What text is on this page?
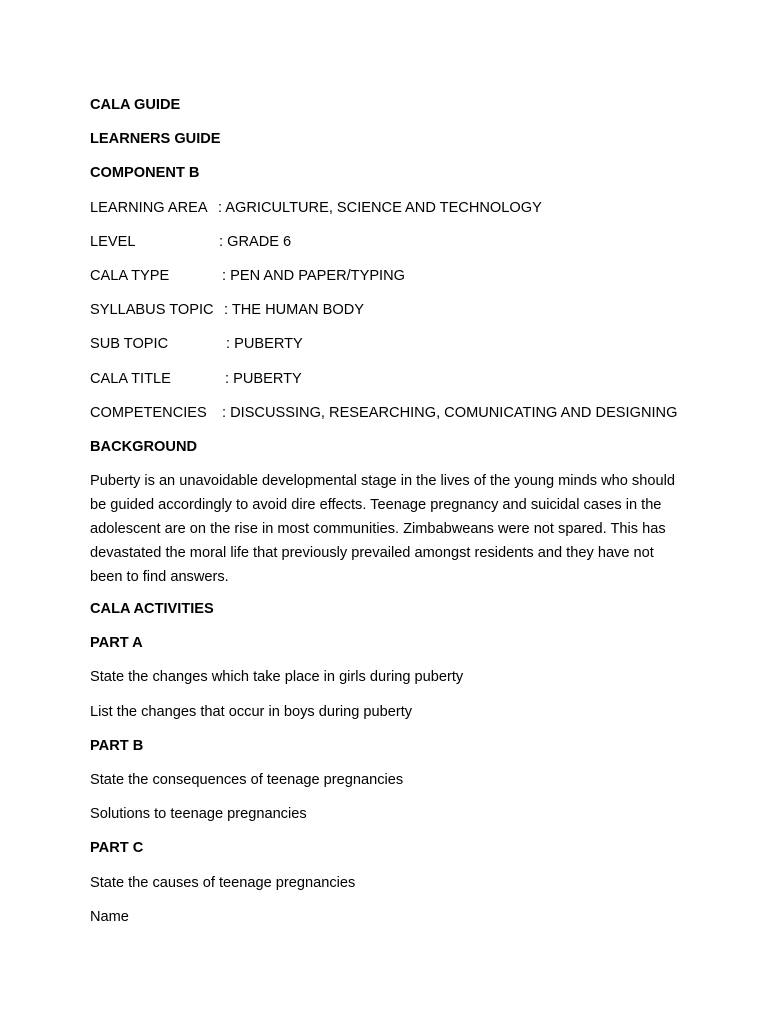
CALA GUIDE
LEARNERS GUIDE
COMPONENT B
LEARNING AREA : AGRICULTURE, SCIENCE AND TECHNOLOGY
LEVEL	: GRADE 6
CALA TYPE	: PEN AND PAPER/TYPING
SYLLABUS TOPIC : THE HUMAN BODY
SUB TOPIC	: PUBERTY
CALA TITLE	: PUBERTY
COMPETENCIES	: DISCUSSING, RESEARCHING, COMUNICATING AND DESIGNING
BACKGROUND
Puberty is an unavoidable developmental stage in the lives of the young minds who should be guided accordingly to avoid dire effects. Teenage pregnancy and suicidal cases in the adolescent are on the rise in most communities. Zimbabweans were not spared. This has devastated the moral life that previously prevailed amongst residents and they have not been to find answers.
CALA ACTIVITIES
PART A
State the changes which take place in girls during puberty
List the changes that occur in boys during puberty
PART B
State the consequences of teenage pregnancies
Solutions to teenage pregnancies
PART C
State the causes of teenage pregnancies
Name
